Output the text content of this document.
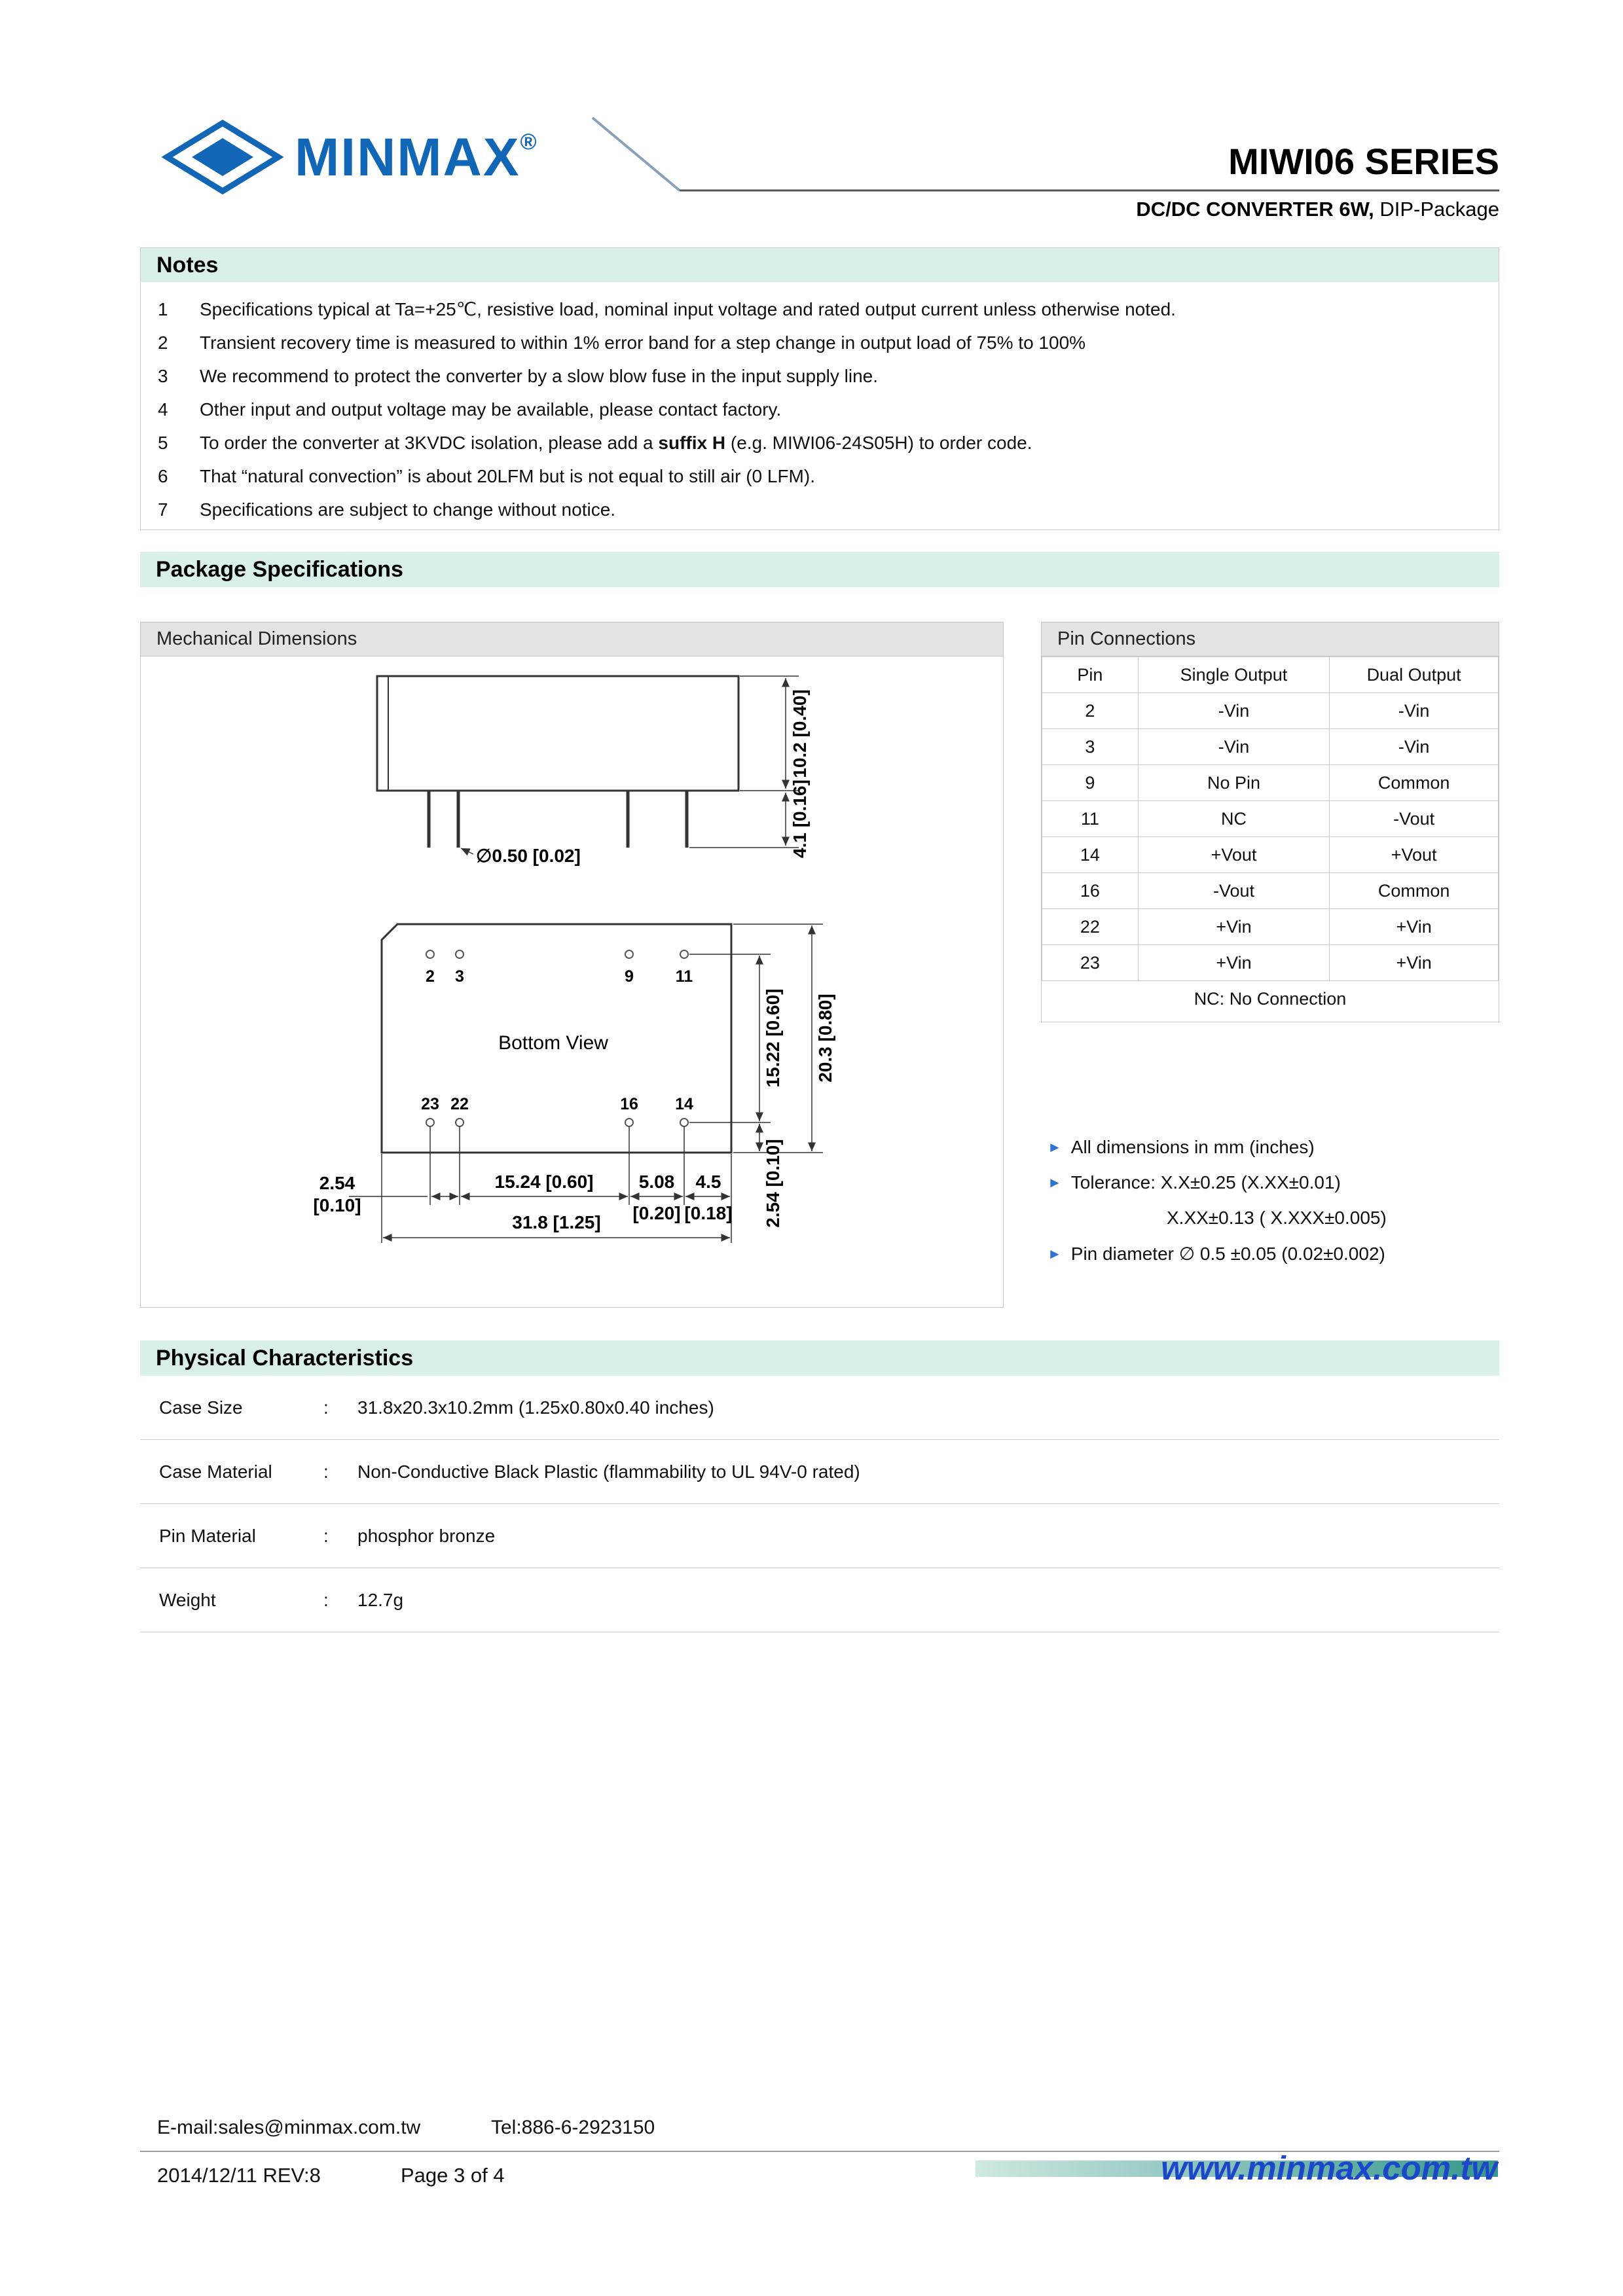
MINMAX®	MIWI06 SERIES
DC/DC CONVERTER 6W, DIP-Package
Notes
1	Specifications typical at Ta=+25℃, resistive load, nominal input voltage and rated output current unless otherwise noted.
2	Transient recovery time is measured to within 1% error band for a step change in output load of 75% to 100%
3	We recommend to protect the converter by a slow blow fuse in the input supply line.
4	Other input and output voltage may be available, please contact factory.
5	To order the converter at 3KVDC isolation, please add a suffix H (e.g. MIWI06-24S05H) to order code.
6	That “natural convection” is about 20LFM but is not equal to still air (0 LFM).
7	Specifications are subject to change without notice.
Package Specifications
Mechanical Dimensions
10.2 [0.40]
4.1 [0.16]
∅0.50 [0.02]
2 3	9	11
23 22	16 14
Bottom View	15.22 [0.60] 20.3 [0.80]
2.54 [0.10]
2.54
[0.10]
15.24 [0.60] 5.08
[0.20]
4.5
[0.18]
31.8 [1.25]
Pin Connections
Pin	Single Output	Dual Output
2	-Vin	-Vin
3	-Vin	-Vin
9	No Pin	Common
11	NC	-Vout
14	+Vout	+Vout
16	-Vout	Common
22	+Vin	+Vin
23	+Vin	+Vin
NC: No Connection
► All dimensions in mm (inches)
► Tolerance: X.X±0.25 (X.XX±0.01)
X.XX±0.13 ( X.XXX±0.005)
► Pin diameter ∅ 0.5 ±0.05 (0.02±0.002)
Physical Characteristics
Case Size	:	31.8x20.3x10.2mm (1.25x0.80x0.40 inches)
Case Material	:	Non-Conductive Black Plastic (flammability to UL 94V-0 rated)
Pin Material	:	phosphor bronze
Weight	:	12.7g
E-mail:sales@minmax.com.tw	Tel:886-6-2923150
2014/12/11 REV:8	Page 3 of 4	www.minmax.com.tw
